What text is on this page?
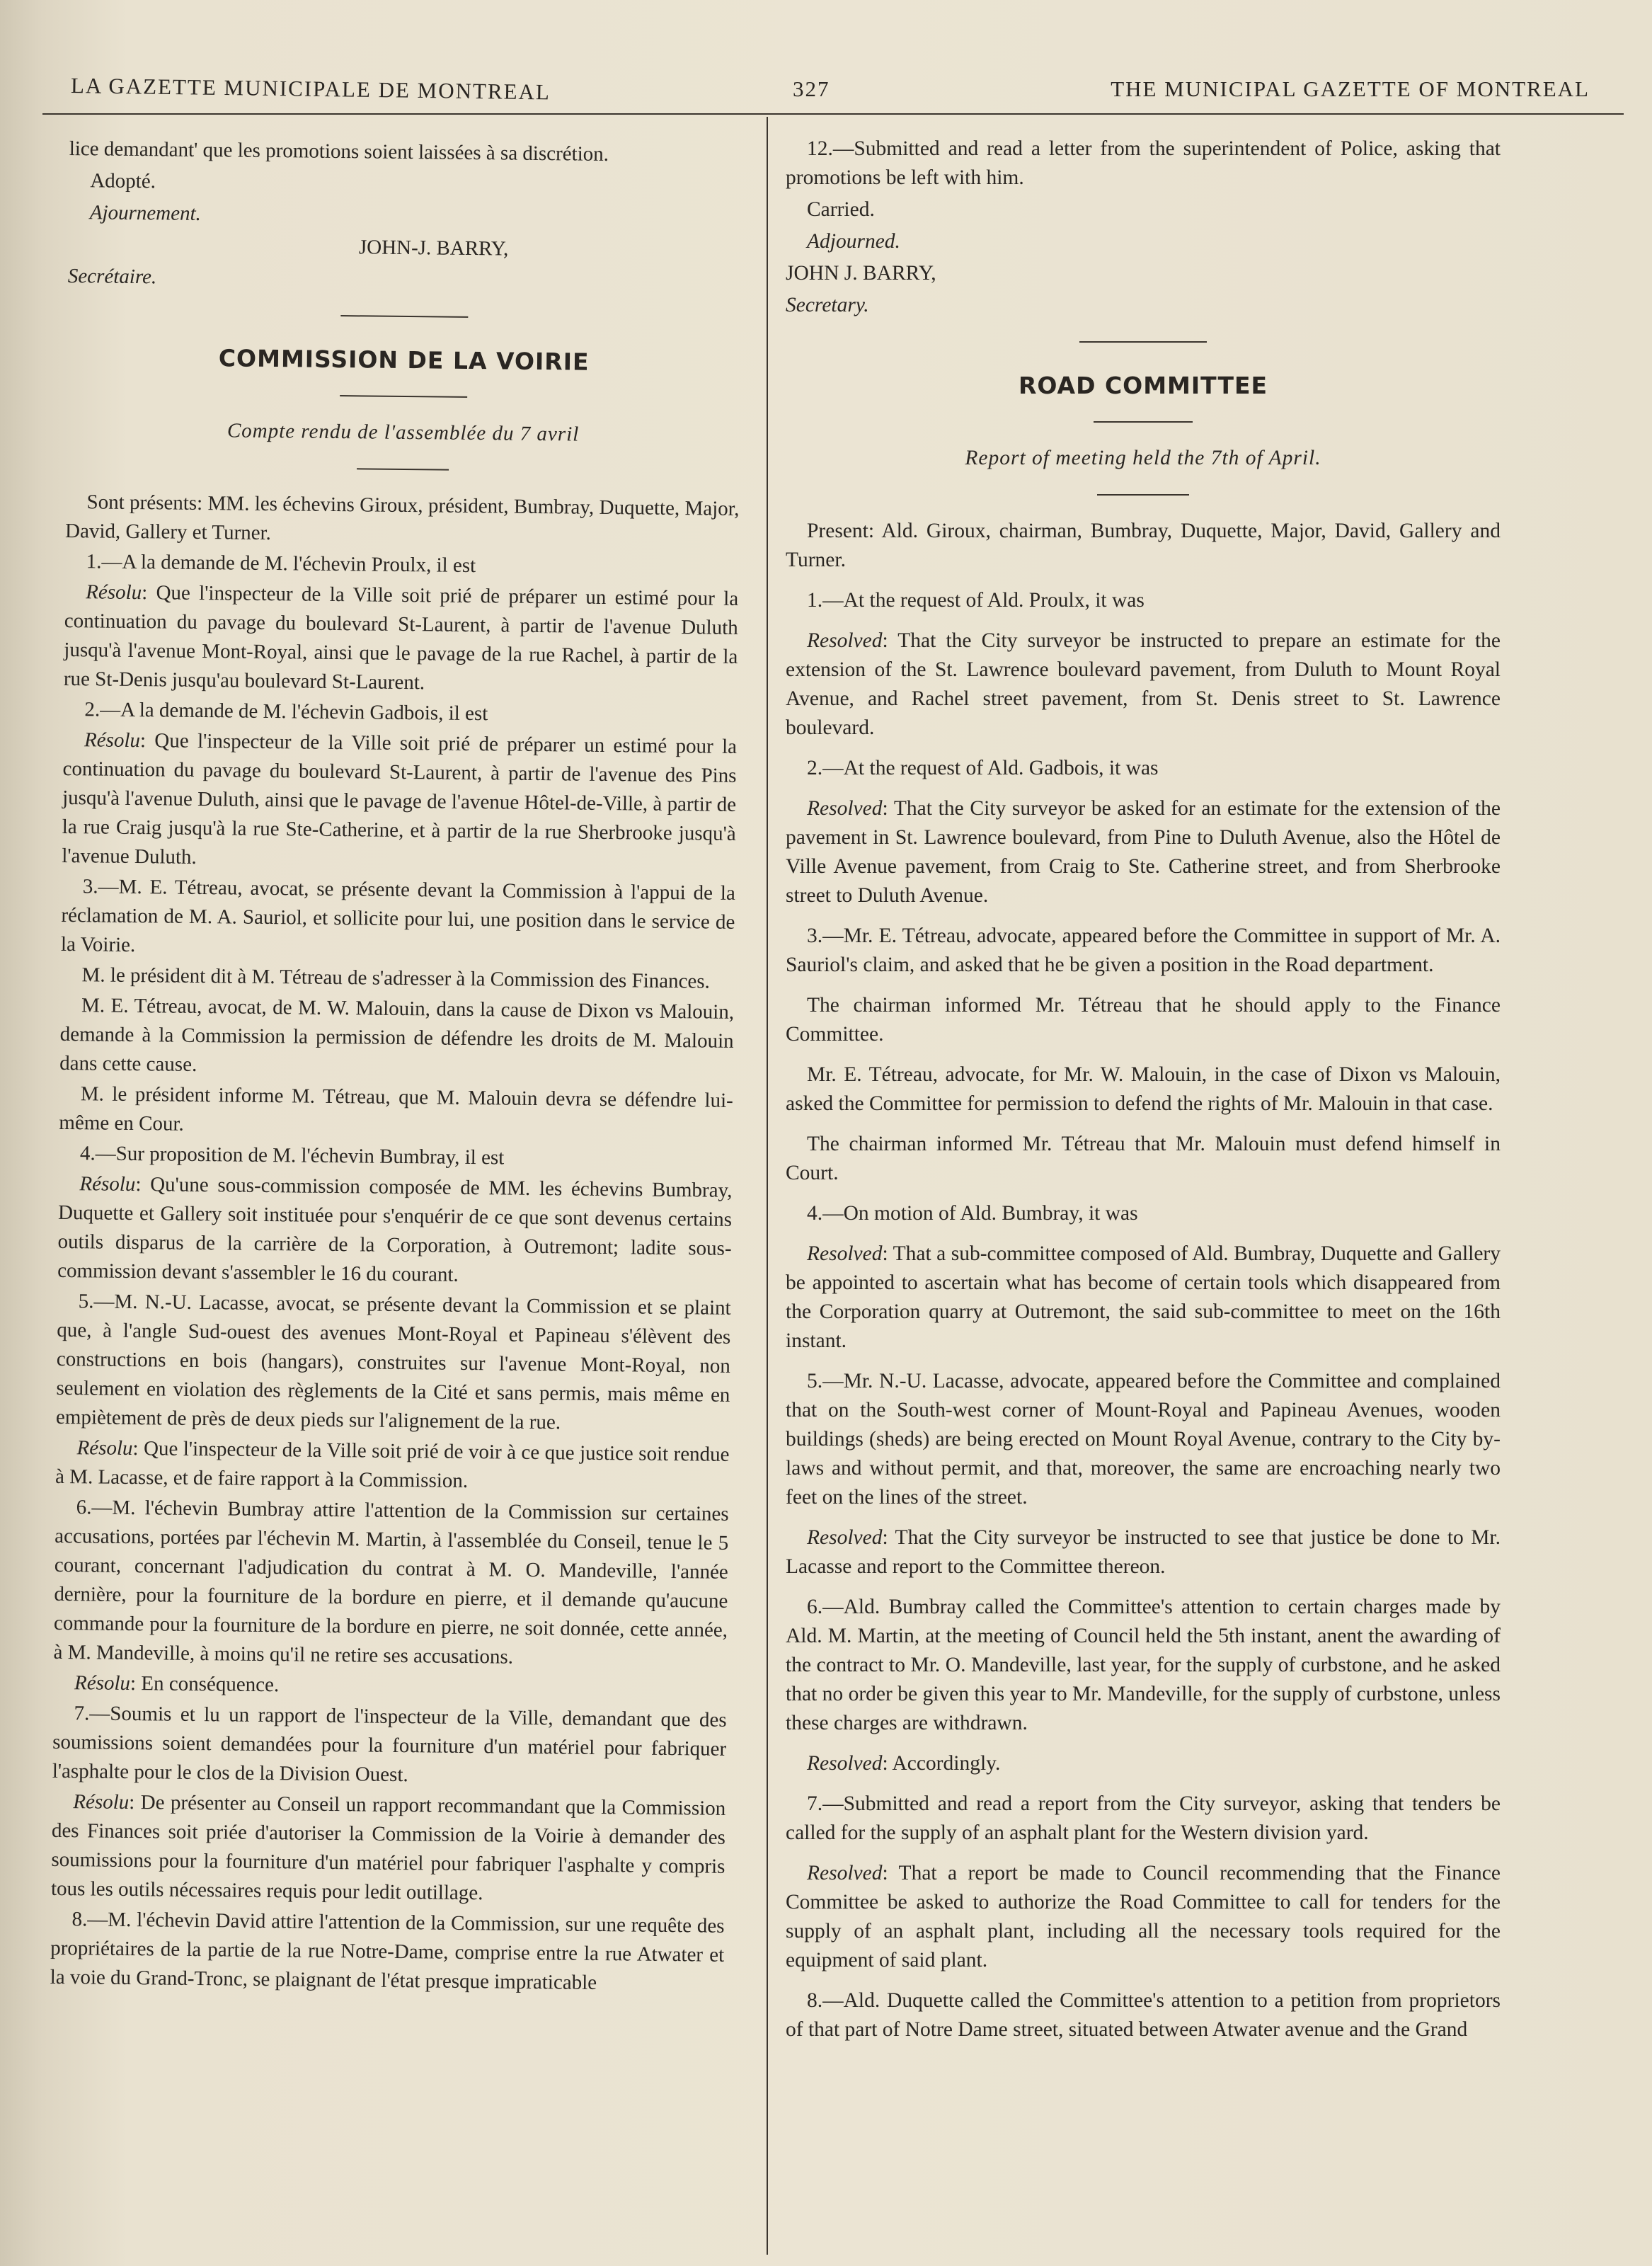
LA GAZETTE MUNICIPALE DE MONTREAL	327	THE MUNICIPAL GAZETTE OF MONTREAL

lice demandant' que les promotions soient laissées à sa discrétion.

Adopté.

Ajournement.

JOHN-J. BARRY,

Secrétaire.

COMMISSION DE LA VOIRIE
Compte rendu de l'assemblée du 7 avril

Sont présents: MM. les échevins Giroux, président, Bumbray, Duquette, Major, David, Gallery et Turner.

1.—A la demande de M. l'échevin Proulx, il est

Résolu: Que l'inspecteur de la Ville soit prié de préparer un estimé pour la continuation du pavage du boulevard St-Laurent, à partir de l'avenue Duluth jusqu'à l'avenue Mont-Royal, ainsi que le pavage de la rue Rachel, à partir de la rue St-Denis jusqu'au boulevard St-Laurent.

2.—A la demande de M. l'échevin Gadbois, il est

Résolu: Que l'inspecteur de la Ville soit prié de préparer un estimé pour la continuation du pavage du boulevard St-Laurent, à partir de l'avenue des Pins jusqu'à l'avenue Duluth, ainsi que le pavage de l'avenue Hôtel-de-Ville, à partir de la rue Craig jusqu'à la rue Ste-Catherine, et à partir de la rue Sherbrooke jusqu'à l'avenue Duluth.

3.—M. E. Tétreau, avocat, se présente devant la Commission à l'appui de la réclamation de M. A. Sauriol, et sollicite pour lui, une position dans le service de la Voirie.

M. le président dit à M. Tétreau de s'adresser à la Commission des Finances.

M. E. Tétreau, avocat, de M. W. Malouin, dans la cause de Dixon vs Malouin, demande à la Commission la permission de défendre les droits de M. Malouin dans cette cause.

M. le président informe M. Tétreau, que M. Malouin devra se défendre lui-même en Cour.

4.—Sur proposition de M. l'échevin Bumbray, il est

Résolu: Qu'une sous-commission composée de MM. les échevins Bumbray, Duquette et Gallery soit instituée pour s'enquérir de ce que sont devenus certains outils disparus de la carrière de la Corporation, à Outremont; ladite sous-commission devant s'assembler le 16 du courant.

5.—M. N.-U. Lacasse, avocat, se présente devant la Commission et se plaint que, à l'angle Sud-ouest des avenues Mont-Royal et Papineau s'élèvent des constructions en bois (hangars), construites sur l'avenue Mont-Royal, non seulement en violation des règlements de la Cité et sans permis, mais même en empiètement de près de deux pieds sur l'alignement de la rue.

Résolu: Que l'inspecteur de la Ville soit prié de voir à ce que justice soit rendue à M. Lacasse, et de faire rapport à la Commission.

6.—M. l'échevin Bumbray attire l'attention de la Commission sur certaines accusations, portées par l'échevin M. Martin, à l'assemblée du Conseil, tenue le 5 courant, concernant l'adjudication du contrat à M. O. Mandeville, l'année dernière, pour la fourniture de la bordure en pierre, et il demande qu'aucune commande pour la fourniture de la bordure en pierre, ne soit donnée, cette année, à M. Mandeville, à moins qu'il ne retire ses accusations.

Résolu: En conséquence.

7.—Soumis et lu un rapport de l'inspecteur de la Ville, demandant que des soumissions soient demandées pour la fourniture d'un matériel pour fabriquer l'asphalte pour le clos de la Division Ouest.

Résolu: De présenter au Conseil un rapport recommandant que la Commission des Finances soit priée d'autoriser la Commission de la Voirie à demander des soumissions pour la fourniture d'un matériel pour fabriquer l'asphalte y compris tous les outils nécessaires requis pour ledit outillage.

8.—M. l'échevin David attire l'attention de la Commission, sur une requête des propriétaires de la partie de la rue Notre-Dame, comprise entre la rue Atwater et la voie du Grand-Tronc, se plaignant de l'état presque impraticable

12.—Submitted and read a letter from the superintendent of Police, asking that promotions be left with him.

Carried.

Adjourned.

JOHN J. BARRY,

Secretary.

ROAD COMMITTEE
Report of meeting held the 7th of April.

Present: Ald. Giroux, chairman, Bumbray, Duquette, Major, David, Gallery and Turner.

1.—At the request of Ald. Proulx, it was

Resolved: That the City surveyor be instructed to prepare an estimate for the extension of the St. Lawrence boulevard pavement, from Duluth to Mount Royal Avenue, and Rachel street pavement, from St. Denis street to St. Lawrence boulevard.

2.—At the request of Ald. Gadbois, it was

Resolved: That the City surveyor be asked for an estimate for the extension of the pavement in St. Lawrence boulevard, from Pine to Duluth Avenue, also the Hôtel de Ville Avenue pavement, from Craig to Ste. Catherine street, and from Sherbrooke street to Duluth Avenue.

3.—Mr. E. Tétreau, advocate, appeared before the Committee in support of Mr. A. Sauriol's claim, and asked that he be given a position in the Road department.

The chairman informed Mr. Tétreau that he should apply to the Finance Committee.

Mr. E. Tétreau, advocate, for Mr. W. Malouin, in the case of Dixon vs Malouin, asked the Committee for permission to defend the rights of Mr. Malouin in that case.

The chairman informed Mr. Tétreau that Mr. Malouin must defend himself in Court.

4.—On motion of Ald. Bumbray, it was

Resolved: That a sub-committee composed of Ald. Bumbray, Duquette and Gallery be appointed to ascertain what has become of certain tools which disappeared from the Corporation quarry at Outremont, the said sub-committee to meet on the 16th instant.

5.—Mr. N.-U. Lacasse, advocate, appeared before the Committee and complained that on the South-west corner of Mount-Royal and Papineau Avenues, wooden buildings (sheds) are being erected on Mount Royal Avenue, contrary to the City by-laws and without permit, and that, moreover, the same are encroaching nearly two feet on the lines of the street.

Resolved: That the City surveyor be instructed to see that justice be done to Mr. Lacasse and report to the Committee thereon.

6.—Ald. Bumbray called the Committee's attention to certain charges made by Ald. M. Martin, at the meeting of Council held the 5th instant, anent the awarding of the contract to Mr. O. Mandeville, last year, for the supply of curbstone, and he asked that no order be given this year to Mr. Mandeville, for the supply of curbstone, unless these charges are withdrawn.

Resolved: Accordingly.

7.—Submitted and read a report from the City surveyor, asking that tenders be called for the supply of an asphalt plant for the Western division yard.

Resolved: That a report be made to Council recommending that the Finance Committee be asked to authorize the Road Committee to call for tenders for the supply of an asphalt plant, including all the necessary tools required for the equipment of said plant.

8.—Ald. Duquette called the Committee's attention to a petition from proprietors of that part of Notre Dame street, situated between Atwater avenue and the Grand
